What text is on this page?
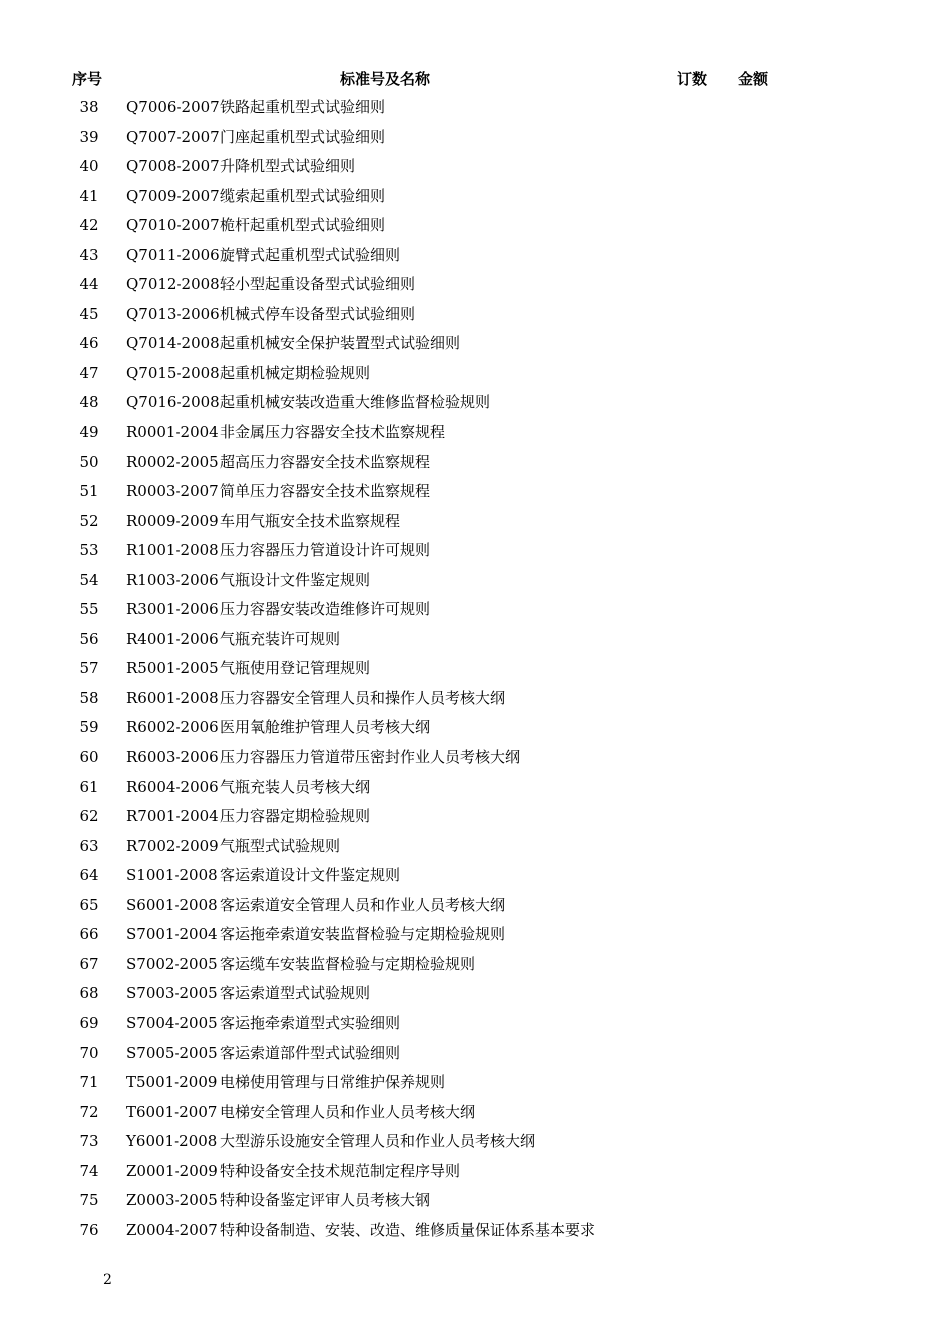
序号	标准号及名称	订数 金额
38	Q7006-2007 铁路起重机型式试验细则
39	Q7007-2007 门座起重机型式试验细则
40	Q7008-2007 升降机型式试验细则
41	Q7009-2007 缆索起重机型式试验细则
42	Q7010-2007 桅杆起重机型式试验细则
43	Q7011-2006 旋臂式起重机型式试验细则
44	Q7012-2008 轻小型起重设备型式试验细则
45	Q7013-2006 机械式停车设备型式试验细则
46	Q7014-2008 起重机械安全保护装置型式试验细则
47	Q7015-2008 起重机械定期检验规则
48	Q7016-2008 起重机械安装改造重大维修监督检验规则
49	R0001-2004 非金属压力容器安全技术监察规程
50	R0002-2005 超高压力容器安全技术监察规程
51	R0003-2007 简单压力容器安全技术监察规程
52	R0009-2009 车用气瓶安全技术监察规程
53	R1001-2008 压力容器压力管道设计许可规则
54	R1003-2006 气瓶设计文件鉴定规则
55	R3001-2006 压力容器安装改造维修许可规则
56	R4001-2006 气瓶充装许可规则
57	R5001-2005 气瓶使用登记管理规则
58	R6001-2008 压力容器安全管理人员和操作人员考核大纲
59	R6002-2006 医用氧舱维护管理人员考核大纲
60	R6003-2006 压力容器压力管道带压密封作业人员考核大纲
61	R6004-2006 气瓶充装人员考核大纲
62	R7001-2004 压力容器定期检验规则
63	R7002-2009 气瓶型式试验规则
64	S1001-2008 客运索道设计文件鉴定规则
65	S6001-2008 客运索道安全管理人员和作业人员考核大纲
66	S7001-2004 客运拖牵索道安装监督检验与定期检验规则
67	S7002-2005 客运缆车安装监督检验与定期检验规则
68	S7003-2005 客运索道型式试验规则
69	S7004-2005 客运拖牵索道型式实验细则
70	S7005-2005 客运索道部件型式试验细则
71	T5001-2009 电梯使用管理与日常维护保养规则
72	T6001-2007 电梯安全管理人员和作业人员考核大纲
73	Y6001-2008 大型游乐设施安全管理人员和作业人员考核大纲
74	Z0001-2009 特种设备安全技术规范制定程序导则
75	Z0003-2005 特种设备鉴定评审人员考核大钢
76	Z0004-2007 特种设备制造、安装、改造、维修质量保证体系基本要求
2
